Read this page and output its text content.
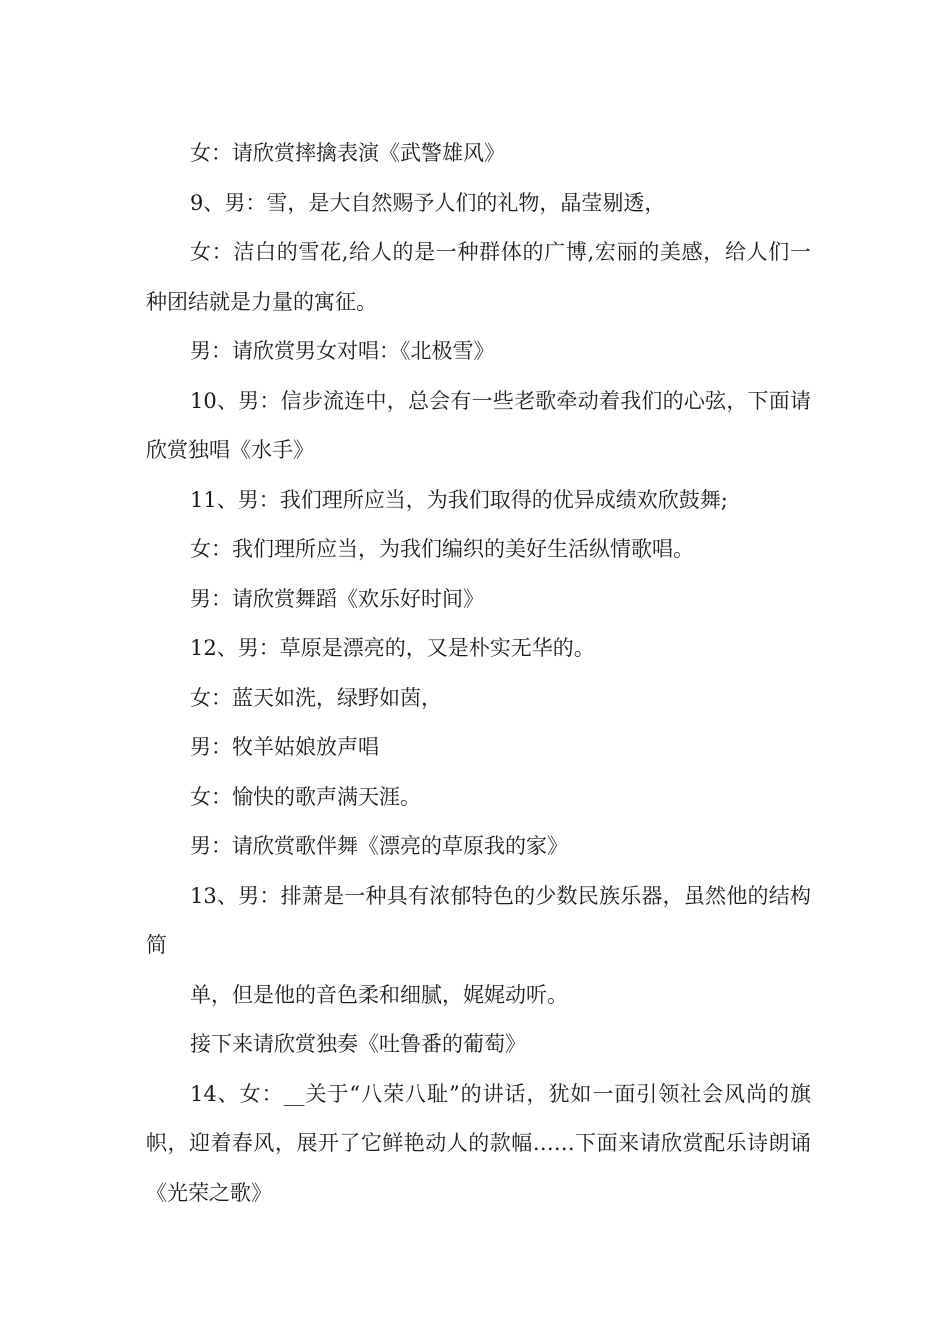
女：请欣赏摔擒表演《武警雄风》

9、男：雪，是大自然赐予人们的礼物，晶莹剔透，

女：洁白的雪花,给人的是一种群体的广博,宏丽的美感，给人们一种团结就是力量的寓征。

男：请欣赏男女对唱：《北极雪》

10、男：信步流连中，总会有一些老歌牵动着我们的心弦，下面请欣赏独唱《水手》

11、男：我们理所应当，为我们取得的优异成绩欢欣鼓舞;

女：我们理所应当，为我们编织的美好生活纵情歌唱。

男：请欣赏舞蹈《欢乐好时间》

12、男：草原是漂亮的，又是朴实无华的。

女：蓝天如洗，绿野如茵，

男：牧羊姑娘放声唱

女：愉快的歌声满天涯。

男：请欣赏歌伴舞《漂亮的草原我的家》

13、男：排萧是一种具有浓郁特色的少数民族乐器，虽然他的结构简

单，但是他的音色柔和细腻，娓娓动听。

接下来请欣赏独奏《吐鲁番的葡萄》

14、女：__关于“八荣八耻”的讲话，犹如一面引领社会风尚的旗帜，迎着春风，展开了它鲜艳动人的款幅……下面来请欣赏配乐诗朗诵《光荣之歌》
